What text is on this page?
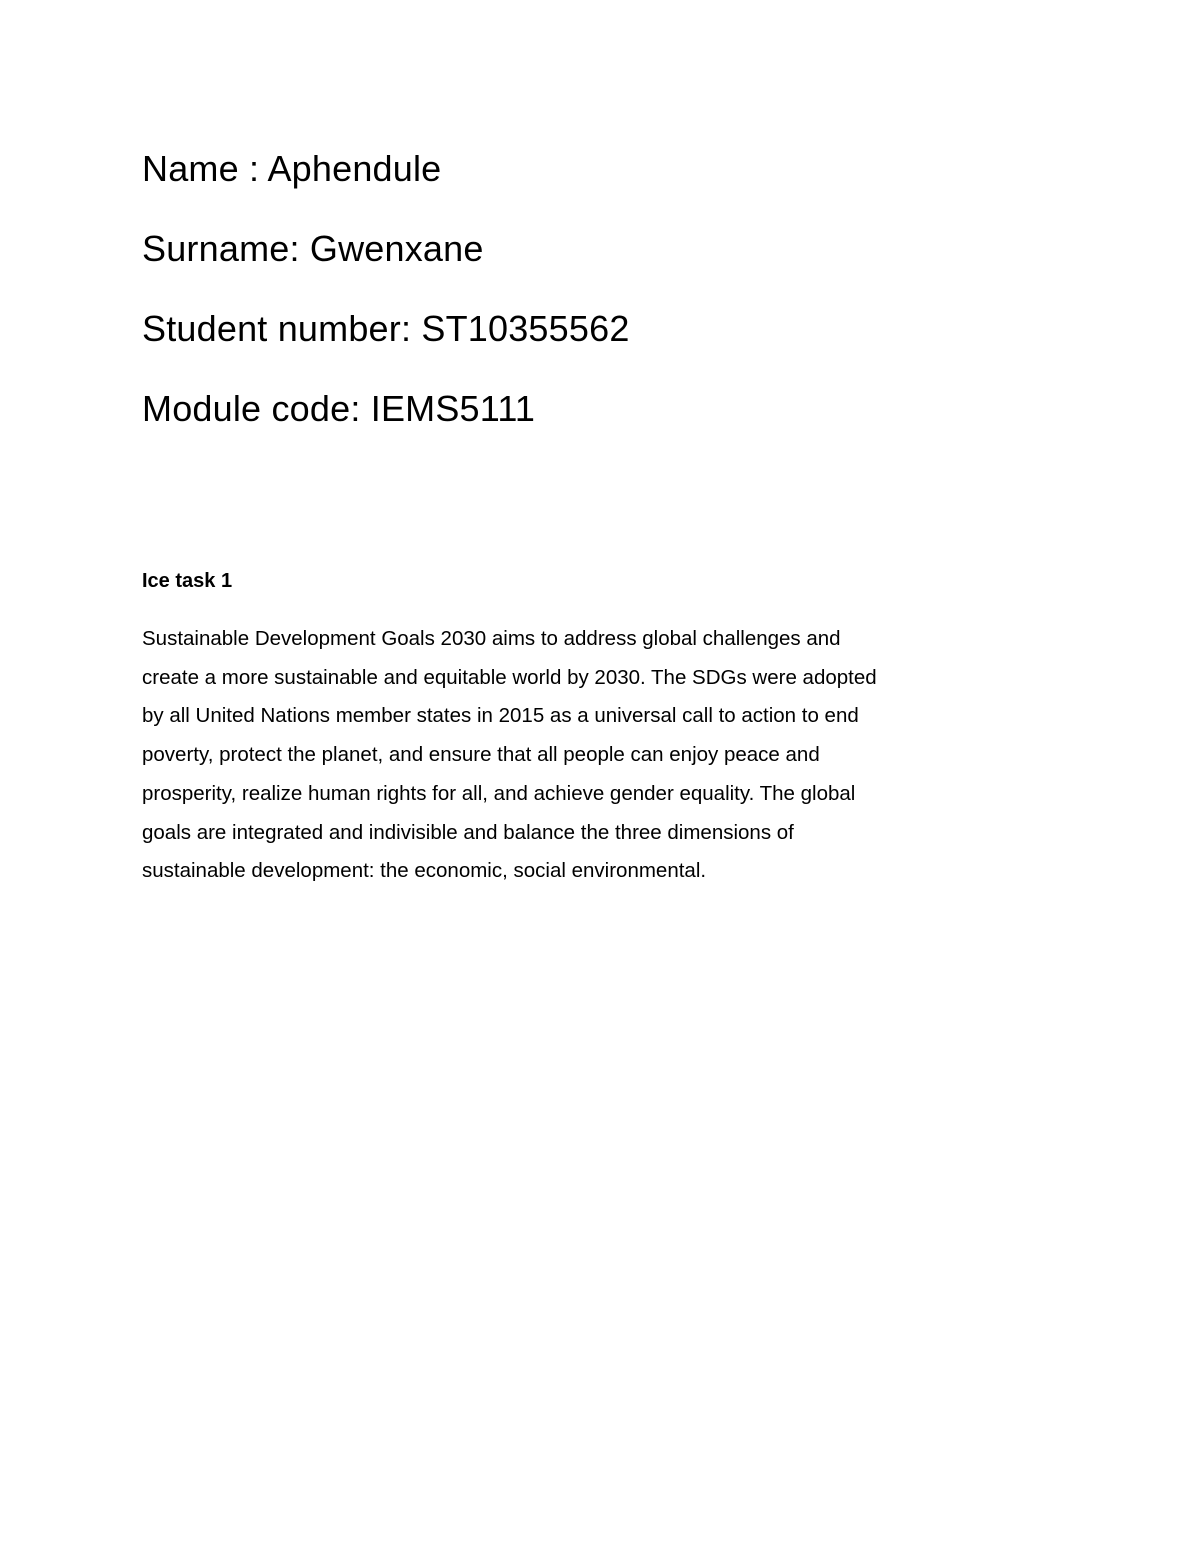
Name : Aphendule
Surname: Gwenxane
Student number: ST10355562
Module code: IEMS5111
Ice task 1

Sustainable Development Goals 2030 aims to address global challenges and
create a more sustainable and equitable world by 2030. The SDGs were adopted
by all United Nations member states in 2015 as a universal call to action to end
poverty, protect the planet, and ensure that all people can enjoy peace and
prosperity, realize human rights for all, and achieve gender equality. The global
goals are integrated and indivisible and balance the three dimensions of
sustainable development: the economic, social environmental.
